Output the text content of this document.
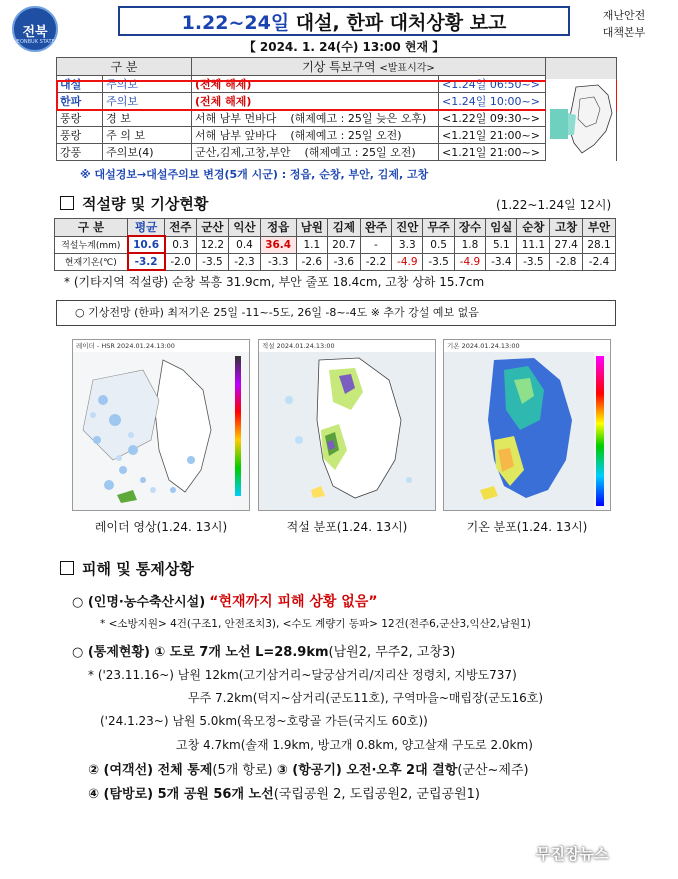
전북
JEONBUK STATE
1.22~24일 대설, 한파 대처상황 보고	재난안전
대책본부
【 2024. 1. 24(수) 13:00 현재 】
구 분		기상 특보구역 <발표시각>		
대설	주의보	(전체 해제)	<1.24일 06:50~>	
한파	주의보	(전체 해제)	<1.24일 10:00~>	
풍랑	경 보	서해 남부 먼바다 (해제예고 : 25일 늦은 오후)	<1.22일 09:30~>	
풍랑	주 의 보	서해 남부 앞바다 (해제예고 : 25일 오전)	<1.21일 21:00~>	
강풍	주의보(4)	군산,김제,고창,부안 (해제예고 : 25일 오전)	<1.21일 21:00~>	
※ 대설경보→대설주의보 변경(5개 시군) : 정읍, 순창, 부안, 김제, 고창
적설량 및 기상현황	(1.22~1.24일 12시)
구 분	평균	전주	군산	익산	정읍	남원	김제	완주	진안	무주	장수	임실	순창	고창	부안
적설누계(mm)	10.6	0.3	12.2	0.4	36.4	1.1	20.7	-	3.3	0.5	1.8	5.1	11.1	27.4	28.1
현재기온(℃)	-3.2	-2.0	-3.5	-2.3	-3.3	-2.6	-3.6	-2.2	-4.9	-3.5	-4.9	-3.4	-3.5	-2.8	-2.4
* (기타지역 적설량) 순창 복흥 31.9cm, 부안 줄포 18.4cm, 고창 상하 15.7cm
○ 기상전망 (한파) 최저기온 25일 -11~-5도, 26일 -8~-4도 ※ 추가 강설 예보 없음
레이더 - HSR 2024.01.24.13:00	적설 2024.01.24.13:00	기온 2024.01.24.13:00
레이더 영상(1.24. 13시)	적설 분포(1.24. 13시)	기온 분포(1.24. 13시)
피해 및 통제상황
○ (인명·농수축산시설) “현재까지 피해 상황 없음”
* <소방지원> 4건(구조1, 안전조치3), <수도 계량기 동파> 12건(전주6,군산3,익산2,남원1)
○ (통제현황) ① 도로 7개 노선 L=28.9km(남원2, 무주2, 고창3)
* ('23.11.16~) 남원 12km(고기삼거리~달궁삼거리/지리산 정령치, 지방도737)
무주 7.2km(덕지~삼거리(군도11호), 구역마을~매립장(군도16호)
('24.1.23~) 남원 5.0km(육모정~호랑골 가든(국지도 60호))
고창 4.7km(솔재 1.9km, 방고개 0.8km, 양고살재 구도로 2.0km)
② (여객선) 전체 통제(5개 항로) ③ (항공기) 오전·오후 2대 결항(군산~제주)
④ (탐방로) 5개 공원 56개 노선(국립공원 2, 도립공원2, 군립공원1)
무진장뉴스
